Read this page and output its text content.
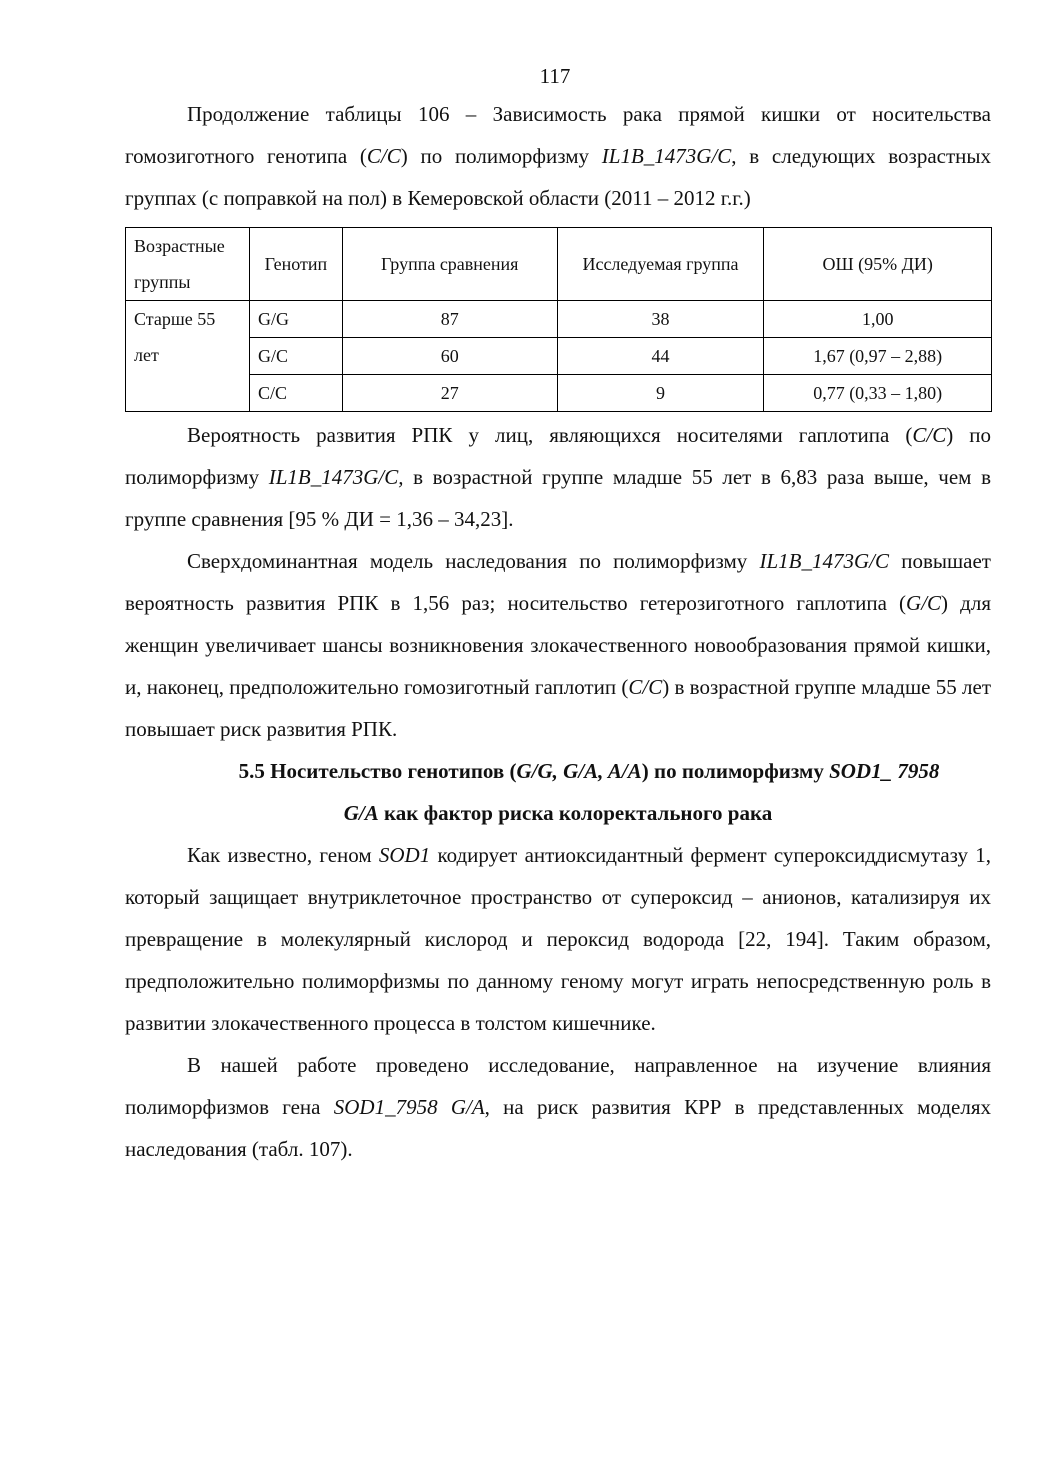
117

Продолжение таблицы 106 – Зависимость рака прямой кишки от носительства гомозиготного генотипа (С/С) по полиморфизму IL1B_1473G/C, в следующих возрастных группах (с поправкой на пол) в Кемеровской области (2011 – 2012 г.г.)

Возрастные группы	Генотип	Группа сравнения	Исследуемая группа	ОШ (95% ДИ)
Старше 55 лет	G/G	87	38	1,00
	G/C	60	44	1,67 (0,97 – 2,88)
	C/C	27	9	0,77 (0,33 – 1,80)

Вероятность развития РПК у лиц, являющихся носителями гаплотипа (С/С) по полиморфизму IL1B_1473G/C, в возрастной группе младше 55 лет в 6,83 раза выше, чем в группе сравнения [95 % ДИ = 1,36 – 34,23].

Сверхдоминантная модель наследования по полиморфизму IL1B_1473G/C повышает вероятность развития РПК в 1,56 раз; носительство гетерозиготного гаплотипа (G/C) для женщин увеличивает шансы возникновения злокачественного новообразования прямой кишки, и, наконец, предположительно гомозиготный гаплотип (С/С) в возрастной группе младше 55 лет повышает риск развития РПК.

5.5 Носительство генотипов (G/G, G/A, A/A) по полиморфизму SOD1_ 7958

G/A как фактор риска колоректального рака

Как известно, геном SOD1 кодирует антиоксидантный фермент супероксиддисмутазу 1, который защищает внутриклеточное пространство от супероксид – анионов, катализируя их превращение в молекулярный кислород и пероксид водорода [22, 194]. Таким образом, предположительно полиморфизмы по данному геному могут играть непосредственную роль в развитии злокачественного процесса в толстом кишечнике.

В нашей работе проведено исследование, направленное на изучение влияния полиморфизмов гена SOD1_7958 G/A, на риск развития КРР в представленных моделях наследования (табл. 107).
